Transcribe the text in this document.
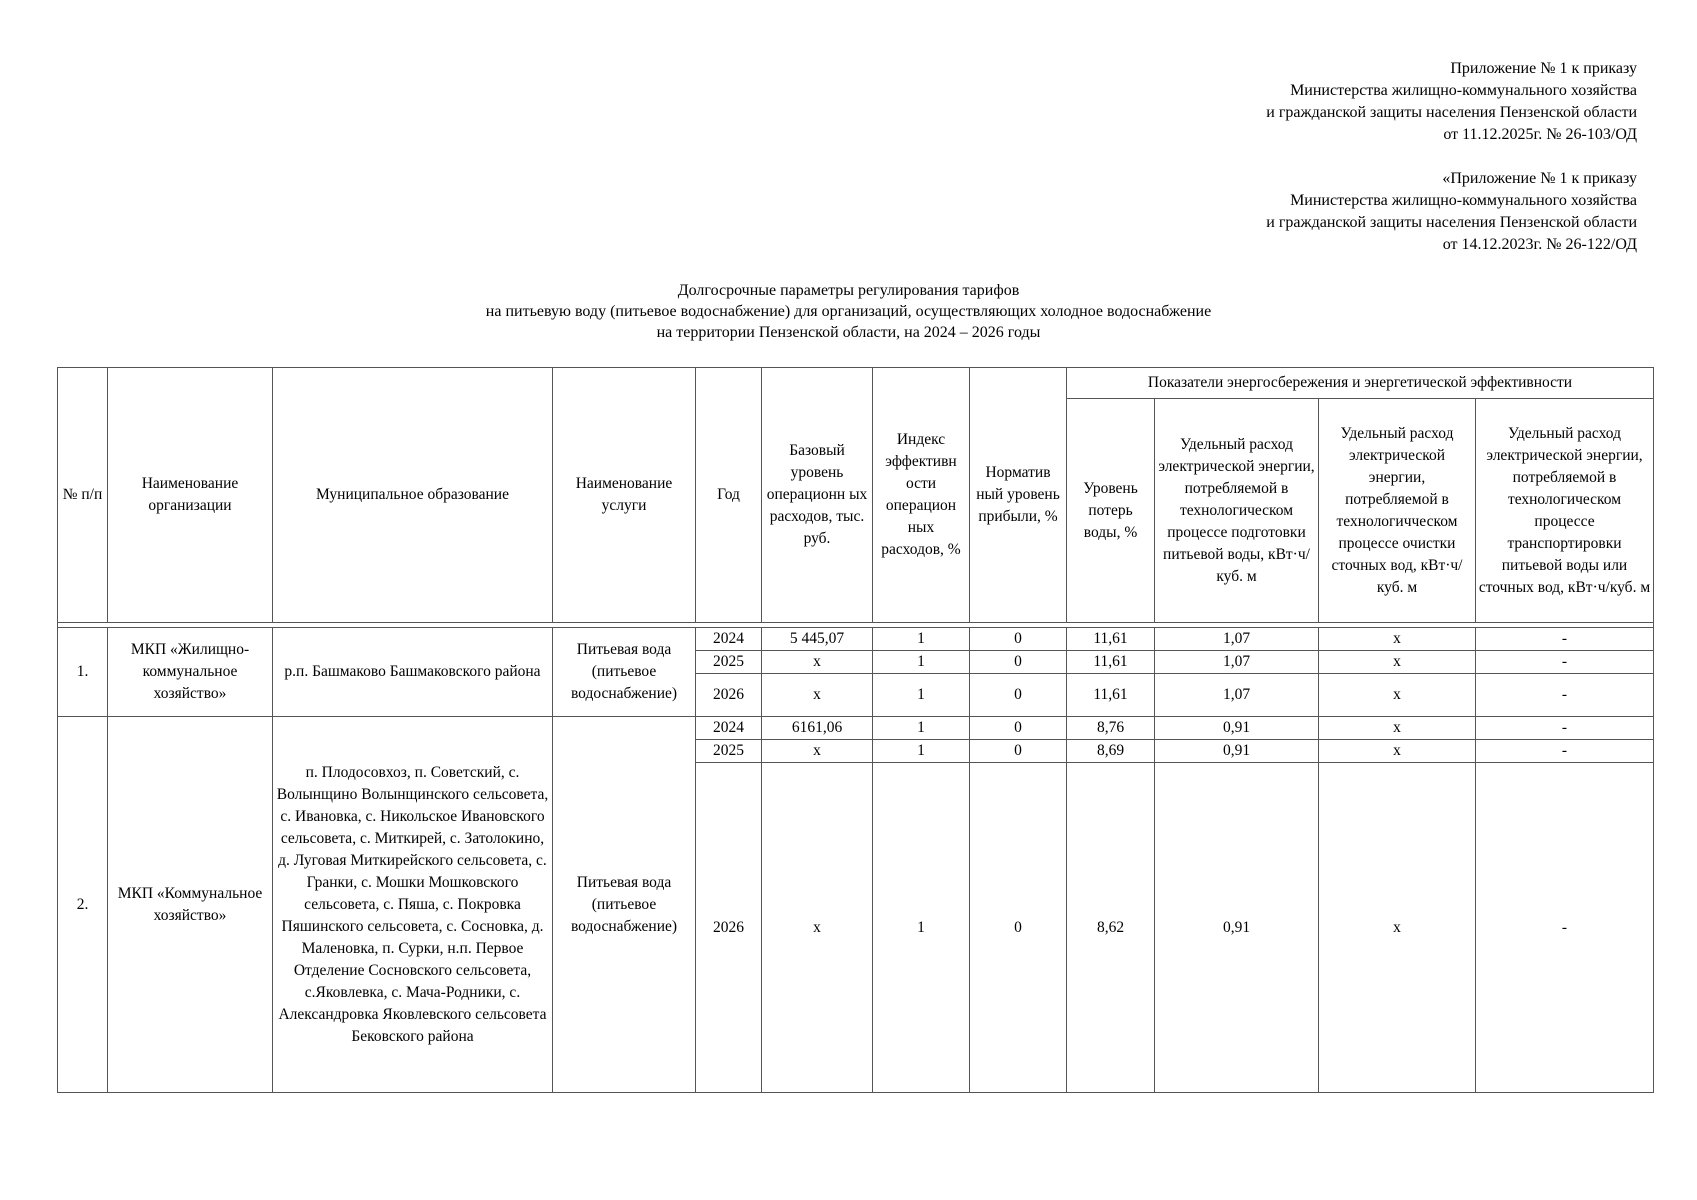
Приложение № 1 к приказу
Министерства жилищно-коммунального хозяйства
и гражданской защиты населения Пензенской области
от 11.12.2025г. № 26-103/ОД
«Приложение № 1 к приказу
Министерства жилищно-коммунального хозяйства
и гражданской защиты населения Пензенской области
от 14.12.2023г. № 26-122/ОД
Долгосрочные параметры регулирования тарифов
на питьевую воду (питьевое водоснабжение) для организаций, осуществляющих холодное водоснабжение
на территории Пензенской области, на 2024 – 2026 годы
№ п/п	Наименование организации	Муниципальное образование	Наименование услуги	Год	Базовый уровень операционн ых расходов, тыс. руб.	Индекс эффективн ости операцион ных расходов, %	Норматив ный уровень прибыли, %	Показатели энергосбережения и энергетической эффективности			
								Уровень потерь воды, %	Удельный расход электрической энергии, потребляемой в технологическом процессе подготовки питьевой воды, кВт·ч/куб. м	Удельный расход электрической энергии, потребляемой в технологичческом процессе очистки сточных вод, кВт·ч/куб. м	Удельный расход электрической энергии, потребляемой в технологическом процессе транспортировки питьевой воды или сточных вод, кВт·ч/куб. м

1.	МКП «Жилищно-коммунальное хозяйство»	р.п. Башмаково Башмаковского района	Питьевая вода (питьевое водоснабжение)	2024	5 445,07	1	0	11,61	1,07	x	-
				2025	x	1	0	11,61	1,07	x	-
				2026	x	1	0	11,61	1,07	x	-
2.	МКП «Коммунальное хозяйство»	п. Плодосовхоз, п. Советский, с. Волынщино Волынщинского сельсовета, с. Ивановка, с. Никольское Ивановского сельсовета, с. Миткирей, с. Затолокино, д. Луговая Миткирейского сельсовета, с. Гранки, с. Мошки Мошковского сельсовета, с. Пяша, с. Покровка Пяшинского сельсовета, с. Сосновка, д. Маленовка, п. Сурки, н.п. Первое Отделение Сосновского сельсовета, с.Яковлевка, с. Мача-Родники, с. Александровка Яковлевского сельсовета Бековского района	Питьевая вода (питьевое водоснабжение)	2024	6161,06	1	0	8,76	0,91	x	-
				2025	x	1	0	8,69	0,91	x	-
				2026	x	1	0	8,62	0,91	x	-
